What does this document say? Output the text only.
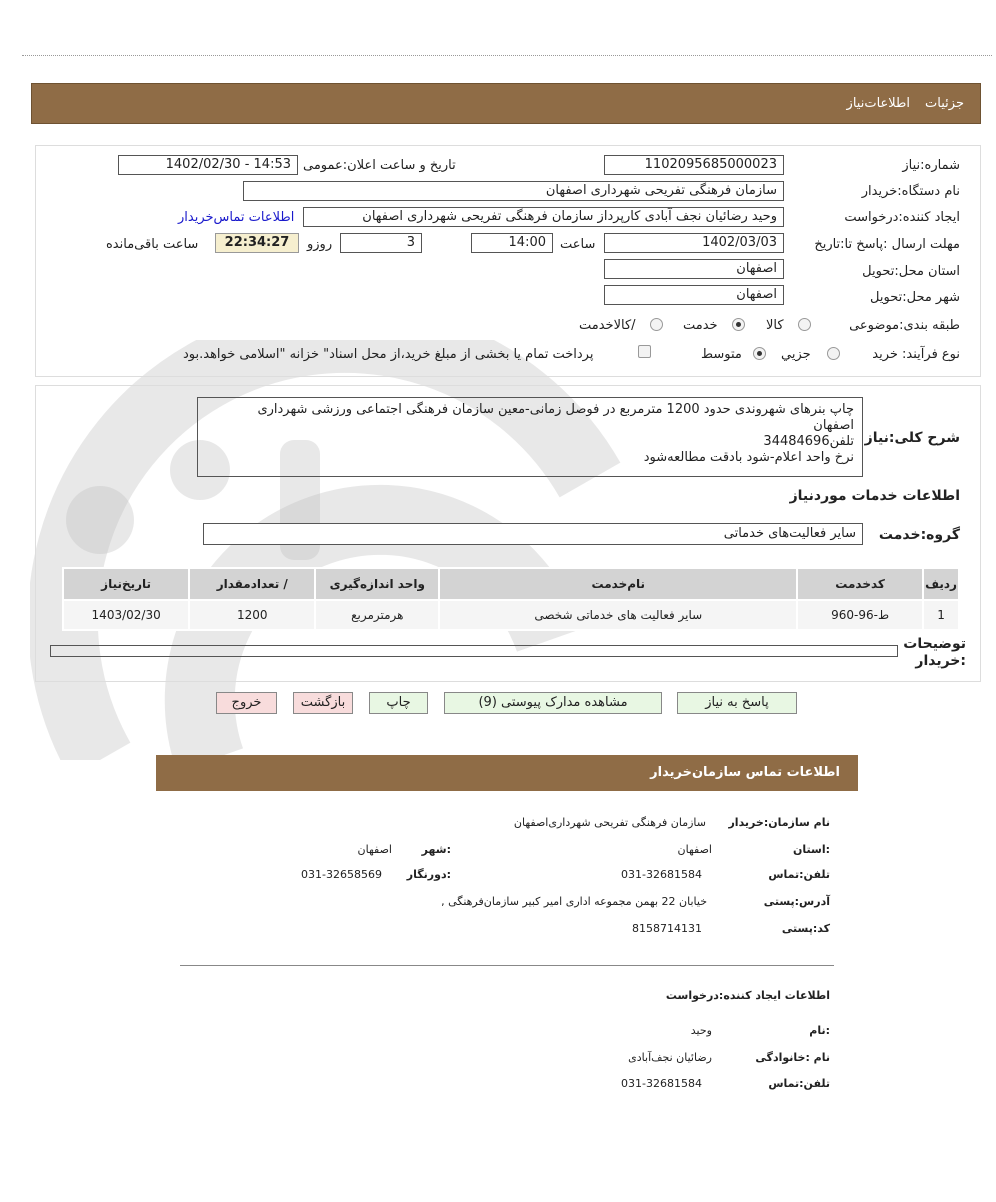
جزئیات
اطلاعات‌نیاز
شماره:نیاز
1102095685000023
تاریخ و ساعت اعلان:عمومی
1402/02/30 - 14:53
نام دستگاه:خریدار
سازمان فرهنگی تفریحی شهرداری اصفهان
ایجاد کننده:درخواست
وحید رضائیان نجف آبادی کارپرداز سازمان فرهنگی تفریحی شهرداری اصفهان
اطلاعات تماس‌خریدار
مهلت ارسال :پاسخ تا:تاریخ
1402/03/03
ساعت
14:00
3
روزو
22:34:27
ساعت باقی‌مانده
استان محل:تحویل
اصفهان
شهر محل:تحویل
اصفهان
طبقه بندی:موضوعی
کالا
خدمت
/کالاخدمت
نوع فرآیند: خرید
جزيي
متوسط
پرداخت تمام یا بخشی از مبلغ خرید،از محل اسناد" خزانه "اسلامی خواهد.بود
شرح کلی:نیاز
چاپ بنرهای شهروندی حدود 1200 مترمربع در فوصل زمانی-معین سازمان فرهنگی اجتماعی ورزشی شهرداری
اصفهان
تلفن34484696
نرخ واحد اعلام-شود بادقت مطالعه‌شود
اطلاعات خدمات موردنیاز
گروه:خدمت
سایر فعالیت‌های خدماتی
ردیف	کدخدمت	نام‌خدمت	واحد اندازه‌گیری	/ تعدادمقدار	تاریخ‌نیاز
1	ط-96-960	سایر فعالیت های خدماتی شخصی	هرمترمربع	1200	1403/02/30
توضیحات :خریدار
پاسخ به نیاز
مشاهده مدارک پیوستی (9)
چاپ
بازگشت
خروج
اطلاعات تماس سازمان‌خریدار
نام سازمان:خریدار
سازمان فرهنگی تفریحی شهرداری‌اصفهان
:استان
اصفهان
:شهر
اصفهان
تلفن:تماس
031-32681584
:دورنگار
031-32658569
آدرس:پستی
خیابان 22 بهمن مجموعه اداری امیر کبیر سازمان‌فرهنگی ,
کد:پستی
8158714131
اطلاعات ایجاد کننده:درخواست
:نام
وحید
نام :خانوادگی
رضائیان نجف‌آبادی
تلفن:تماس
031-32681584
